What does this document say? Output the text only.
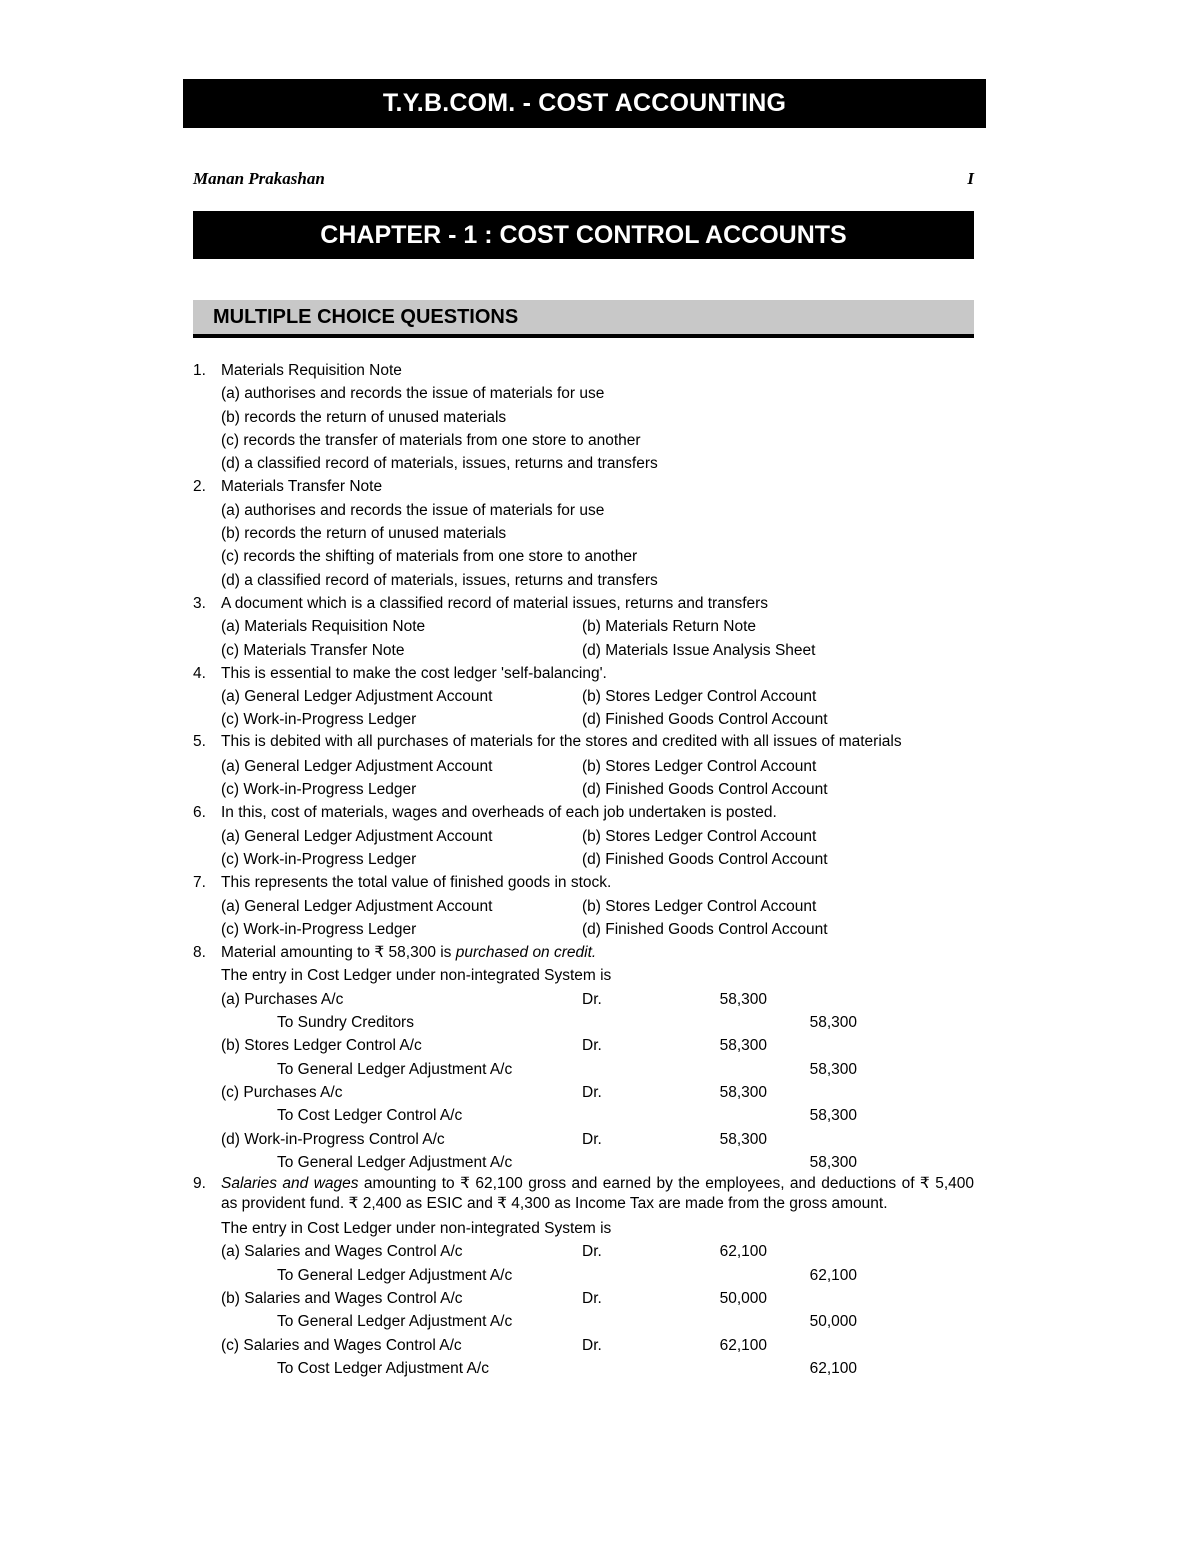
T.Y.B.COM. - COST ACCOUNTING
Manan Prakashan	I
CHAPTER - 1 : COST CONTROL ACCOUNTS
MULTIPLE CHOICE QUESTIONS
1. Materials Requisition Note
(a) authorises and records the issue of materials for use
(b) records the return of unused materials
(c) records the transfer of materials from one store to another
(d) a classified record of materials, issues, returns and transfers
2. Materials Transfer Note
(a) authorises and records the issue of materials for use
(b) records the return of unused materials
(c) records the shifting of materials from one store to another
(d) a classified record of materials, issues, returns and transfers
3. A document which is a classified record of material issues, returns and transfers
(a) Materials Requisition Note	(b) Materials Return Note
(c) Materials Transfer Note	(d) Materials Issue Analysis Sheet
4. This is essential to make the cost ledger 'self-balancing'.
(a) General Ledger Adjustment Account	(b) Stores Ledger Control Account
(c) Work-in-Progress Ledger	(d) Finished Goods Control Account
5. This is debited with all purchases of materials for the stores and credited with all issues of materials
(a) General Ledger Adjustment Account	(b) Stores Ledger Control Account
(c) Work-in-Progress Ledger	(d) Finished Goods Control Account
6. In this, cost of materials, wages and overheads of each job undertaken is posted.
(a) General Ledger Adjustment Account	(b) Stores Ledger Control Account
(c) Work-in-Progress Ledger	(d) Finished Goods Control Account
7. This represents the total value of finished goods in stock.
(a) General Ledger Adjustment Account	(b) Stores Ledger Control Account
(c) Work-in-Progress Ledger	(d) Finished Goods Control Account
8. Material amounting to ₹ 58,300 is purchased on credit.
The entry in Cost Ledger under non-integrated System is
(a) Purchases A/c	Dr.	58,300
To Sundry Creditors	58,300
(b) Stores Ledger Control A/c	Dr.	58,300
To General Ledger Adjustment A/c	58,300
(c) Purchases A/c	Dr.	58,300
To Cost Ledger Control A/c	58,300
(d) Work-in-Progress Control A/c	Dr.	58,300
To General Ledger Adjustment A/c	58,300
9. Salaries and wages amounting to ₹ 62,100 gross and earned by the employees, and deductions of ₹ 5,400 as provident fund. ₹ 2,400 as ESIC and ₹ 4,300 as Income Tax are made from the gross amount.
The entry in Cost Ledger under non-integrated System is
(a) Salaries and Wages Control A/c	Dr.	62,100
To General Ledger Adjustment A/c	62,100
(b) Salaries and Wages Control A/c	Dr.	50,000
To General Ledger Adjustment A/c	50,000
(c) Salaries and Wages Control A/c	Dr.	62,100
To Cost Ledger Adjustment A/c	62,100
